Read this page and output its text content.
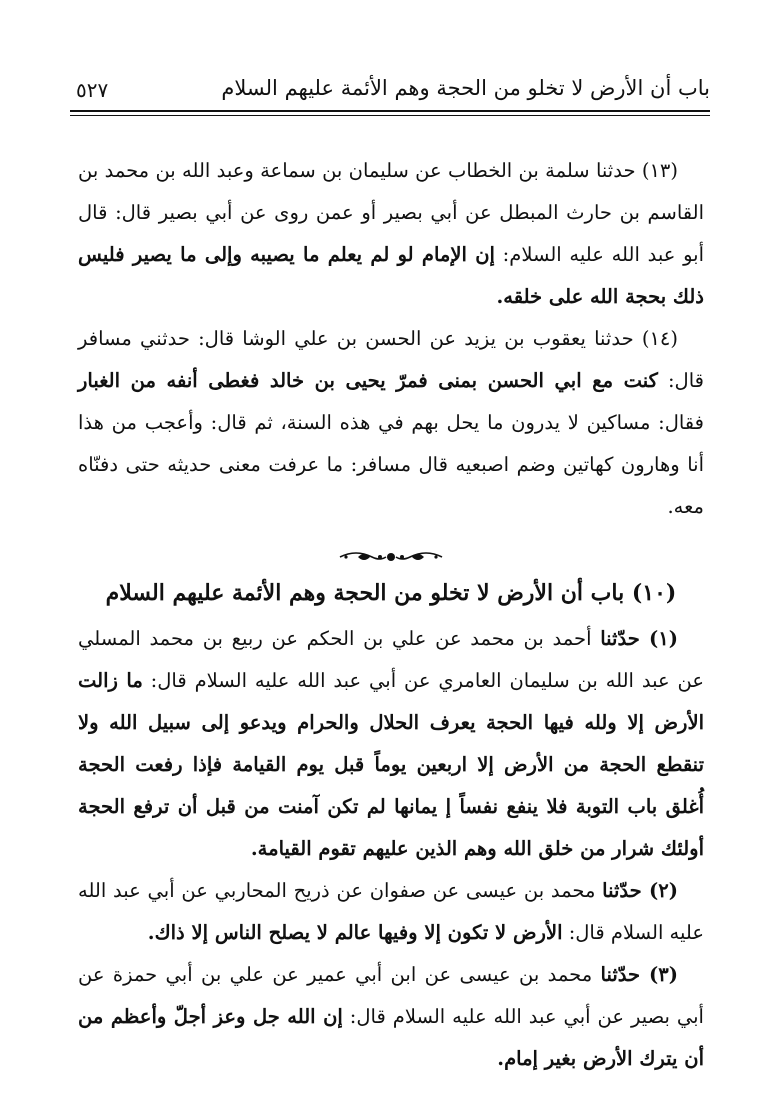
باب أن الأرض لا تخلو من الحجة وهم الأئمة عليهم السلام
٥٢٧

(١٣) حدثنا سلمة بن الخطاب عن سليمان بن سماعة وعبد الله بن محمد بن القاسم بن حارث المبطل عن أبي بصير أو عمن روى عن أبي بصير قال: قال أبو عبد الله عليه السلام: إن الإمام لو لم يعلم ما يصيبه وإلى ما يصير فليس ذلك بحجة الله على خلقه.

(١٤) حدثنا يعقوب بن يزيد عن الحسن بن علي الوشا قال: حدثني مسافر قال: كنت مع ابي الحسن بمنى فمرّ يحيى بن خالد فغطى أنفه من الغبار فقال: مساكين لا يدرون ما يحل بهم في هذه السنة، ثم قال: وأعجب من هذا أنا وهارون كهاتين وضم اصبعيه قال مسافر: ما عرفت معنى حديثه حتى دفنّاه معه.

(١٠) باب أن الأرض لا تخلو من الحجة وهم الأئمة عليهم السلام

(١) حدّثنا أحمد بن محمد عن علي بن الحكم عن ربيع بن محمد المسلي عن عبد الله بن سليمان العامري عن أبي عبد الله عليه السلام قال: ما زالت الأرض إلا ولله فيها الحجة يعرف الحلال والحرام ويدعو إلى سبيل الله ولا تنقطع الحجة من الأرض إلا اربعين يوماً قبل يوم القيامة فإذا رفعت الحجة أُغلق باب التوبة فلا ينفع نفساً إ يمانها لم تكن آمنت من قبل أن ترفع الحجة أولئك شرار من خلق الله وهم الذين عليهم تقوم القيامة.

(٢) حدّثنا محمد بن عيسى عن صفوان عن ذريح المحاربي عن أبي عبد الله عليه السلام قال: الأرض لا تكون إلا وفيها عالم لا يصلح الناس إلا ذاك.

(٣) حدّثنا محمد بن عيسى عن ابن أبي عمير عن علي بن أبي حمزة عن أبي بصير عن أبي عبد الله عليه السلام قال: إن الله جل وعز أجلّ وأعظم من أن يترك الأرض بغير إمام.
